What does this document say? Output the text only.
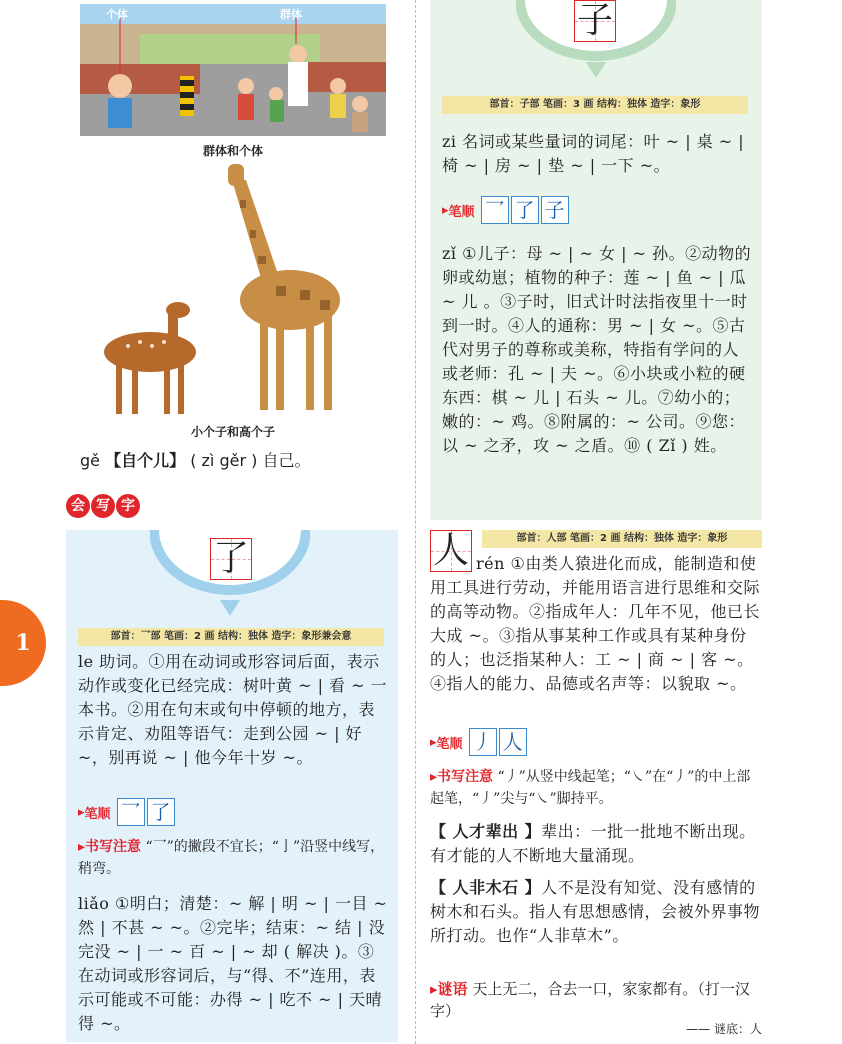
个体	群体
群体和个体
小个子和高个子
gě 【自个儿】 ( zì gěr ) 自己。
会 写 字
1
了
部首：乛部 笔画：2 画 结构：独体 造字：象形兼会意
le 助词。①用在动词或形容词后面，表示动作或变化已经完成：树叶黄 ~ | 看 ~ 一本书。②用在句末或句中停顿的地方，表示肯定、劝阻等语气：走到公园 ~ | 好 ~，别再说 ~ | 他今年十岁 ~。
▸ 笔顺 乛 了
▸书写注意 “乛”的撇段不宜长；“亅”沿竖中线写，稍弯。
liǎo ①明白；清楚：~ 解 | 明 ~ | 一目 ~ 然 | 不甚 ~ ~。②完毕；结束：~ 结 | 没完没 ~ | 一 ~ 百 ~ | ~ 却 ( 解决 )。③在动词或形容词后，与“得、不”连用，表示可能或不可能：办得 ~ | 吃不 ~ | 天晴得 ~。
子
部首：子部 笔画：3 画 结构：独体 造字：象形
zi 名词或某些量词的词尾：叶 ~ | 桌 ~ | 椅 ~ | 房 ~ | 垫 ~ | 一下 ~。
▸ 笔顺 乛 了 子
zǐ ①儿子：母 ~ | ~ 女 | ~ 孙。②动物的卵或幼崽；植物的种子：莲 ~ | 鱼 ~ | 瓜 ~ 儿 。③子时，旧式计时法指夜里十一时到一时。④人的通称：男 ~ | 女 ~。⑤古代对男子的尊称或美称，特指有学问的人或老师：孔 ~ | 夫 ~。⑥小块或小粒的硬东西：棋 ~ 儿 | 石头 ~ 儿。⑦幼小的；嫩的：~ 鸡。⑧附属的：~ 公司。⑨您：以 ~ 之矛，攻 ~ 之盾。⑩ ( Zǐ ) 姓。
部首：人部 笔画：2 画 结构：独体 造字：象形
人 rén ①由类人猿进化而成，能制造和使用工具进行劳动，并能用语言进行思维和交际的高等动物。②指成年人：几年不见，他已长大成 ~。③指从事某种工作或具有某种身份的人；也泛指某种人：工 ~ | 商 ~ | 客 ~。④指人的能力、品德或名声等：以貌取 ~。
▸ 笔顺 丿 人
▸书写注意 “丿”从竖中线起笔；“㇏”在“丿”的中上部起笔，“丿”尖与“㇏”脚持平。
【 人才辈出 】辈出：一批一批地不断出现。有才能的人不断地大量涌现。
【 人非木石 】人不是没有知觉、没有感情的树木和石头。指人有思想感情，会被外界事物所打动。也作“人非草木”。
▸谜语 天上无二，合去一口，家家都有。（打一汉字）
—— 谜底：人
